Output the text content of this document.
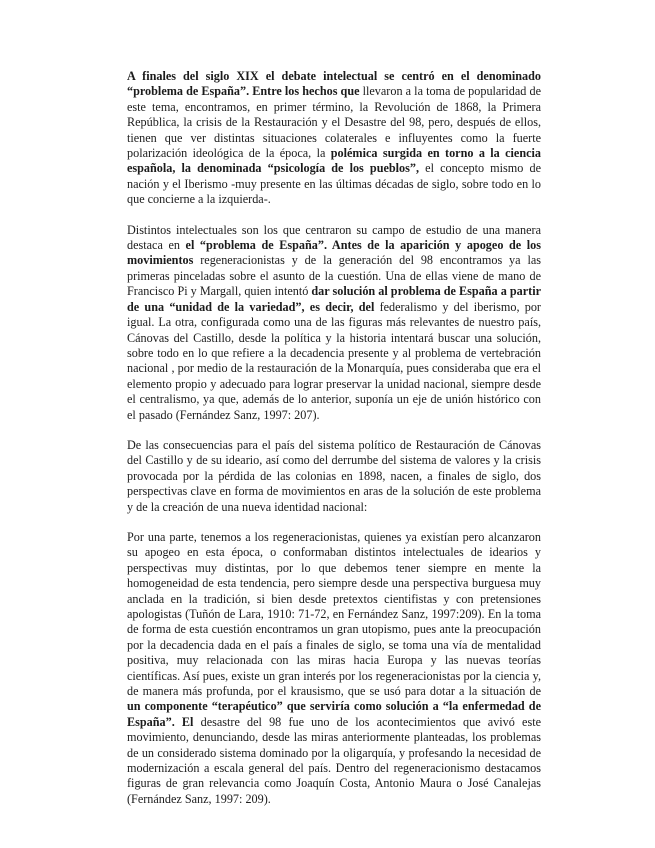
A finales del siglo XIX el debate intelectual se centró en el denominado “problema de España”. Entre los hechos que llevaron a la toma de popularidad de este tema, encontramos, en primer término, la Revolución de 1868, la Primera República, la crisis de la Restauración y el Desastre del 98, pero, después de ellos, tienen que ver distintas situaciones colaterales e influyentes como la fuerte polarización ideológica de la época, la polémica surgida en torno a la ciencia española, la denominada “psicología de los pueblos”, el concepto mismo de nación y el Iberismo -muy presente en las últimas décadas de siglo, sobre todo en lo que concierne a la izquierda-.

Distintos intelectuales son los que centraron su campo de estudio de una manera destaca en el “problema de España”. Antes de la aparición y apogeo de los movimientos regeneracionistas y de la generación del 98 encontramos ya las primeras pinceladas sobre el asunto de la cuestión. Una de ellas viene de mano de Francisco Pi y Margall, quien intentó dar solución al problema de España a partir de una “unidad de la variedad”, es decir, del federalismo y del iberismo, por igual. La otra, configurada como una de las figuras más relevantes de nuestro país, Cánovas del Castillo, desde la política y la historia intentará buscar una solución, sobre todo en lo que refiere a la decadencia presente y al problema de vertebración nacional , por medio de la restauración de la Monarquía, pues consideraba que era el elemento propio y adecuado para lograr preservar la unidad nacional, siempre desde el centralismo, ya que, además de lo anterior, suponía un eje de unión histórico con el pasado (Fernández Sanz, 1997: 207).

De las consecuencias para el país del sistema político de Restauración de Cánovas del Castillo y de su ideario, así como del derrumbe del sistema de valores y la crisis provocada por la pérdida de las colonias en 1898, nacen, a finales de siglo, dos perspectivas clave en forma de movimientos en aras de la solución de este problema y de la creación de una nueva identidad nacional:

Por una parte, tenemos a los regeneracionistas, quienes ya existían pero alcanzaron su apogeo en esta época, o conformaban distintos intelectuales de idearios y perspectivas muy distintas, por lo que debemos tener siempre en mente la homogeneidad de esta tendencia, pero siempre desde una perspectiva burguesa muy anclada en la tradición, si bien desde pretextos cientifistas y con pretensiones apologistas (Tuñón de Lara, 1910: 71-72, en Fernández Sanz, 1997:209). En la toma de forma de esta cuestión encontramos un gran utopismo, pues ante la preocupación por la decadencia dada en el país a finales de siglo, se toma una vía de mentalidad positiva, muy relacionada con las miras hacia Europa y las nuevas teorías científicas. Así pues, existe un gran interés por los regeneracionistas por la ciencia y, de manera más profunda, por el krausismo, que se usó para dotar a la situación de un componente “terapéutico” que serviría como solución a “la enfermedad de España”. El desastre del 98 fue uno de los acontecimientos que avivó este movimiento, denunciando, desde las miras anteriormente planteadas, los problemas de un considerado sistema dominado por la oligarquía, y profesando la necesidad de modernización a escala general del país. Dentro del regeneracionismo destacamos figuras de gran relevancia como Joaquín Costa, Antonio Maura o José Canalejas (Fernández Sanz, 1997: 209).
